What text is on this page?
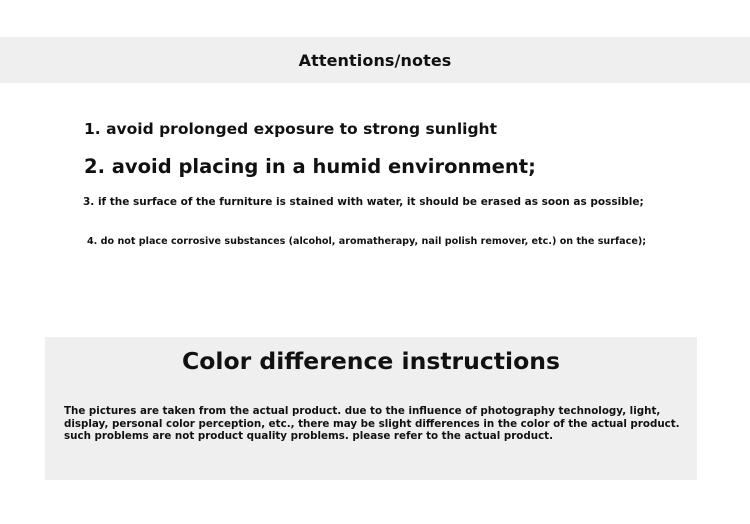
Attentions/notes
1. avoid prolonged exposure to strong sunlight
2. avoid placing in a humid environment;
3. if the surface of the furniture is stained with water, it should be erased as soon as possible;
4. do not place corrosive substances (alcohol, aromatherapy, nail polish remover, etc.) on the surface);
Color difference instructions
The pictures are taken from the actual product. due to the influence of photography technology, light,
display, personal color perception, etc., there may be slight differences in the color of the actual product.
such problems are not product quality problems. please refer to the actual product.
